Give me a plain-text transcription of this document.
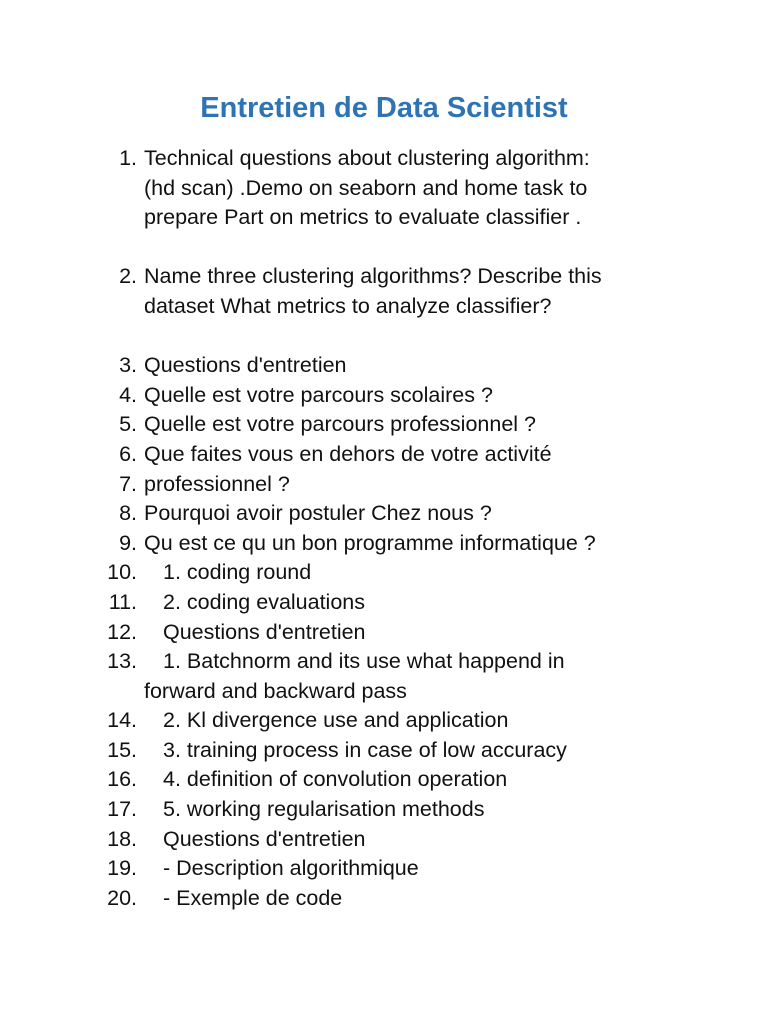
Entretien de Data Scientist
1. Technical questions about clustering algorithm:
(hd scan) .Demo on seaborn and home task to
prepare Part on metrics to evaluate classifier .
2. Name three clustering algorithms? Describe this
dataset What metrics to analyze classifier?
3. Questions d'entretien
4. Quelle est votre parcours scolaires ?
5. Quelle est votre parcours professionnel ?
6. Que faites vous en dehors de votre activité
7. professionnel ?
8. Pourquoi avoir postuler Chez nous ?
9. Qu est ce qu un bon programme informatique ?
10. 1. coding round
11. 2. coding evaluations
12. Questions d'entretien
13. 1. Batchnorm and its use what happend in
forward and backward pass
14. 2. Kl divergence use and application
15. 3. training process in case of low accuracy
16. 4. definition of convolution operation
17. 5. working regularisation methods
18. Questions d'entretien
19. - Description algorithmique
20. - Exemple de code
